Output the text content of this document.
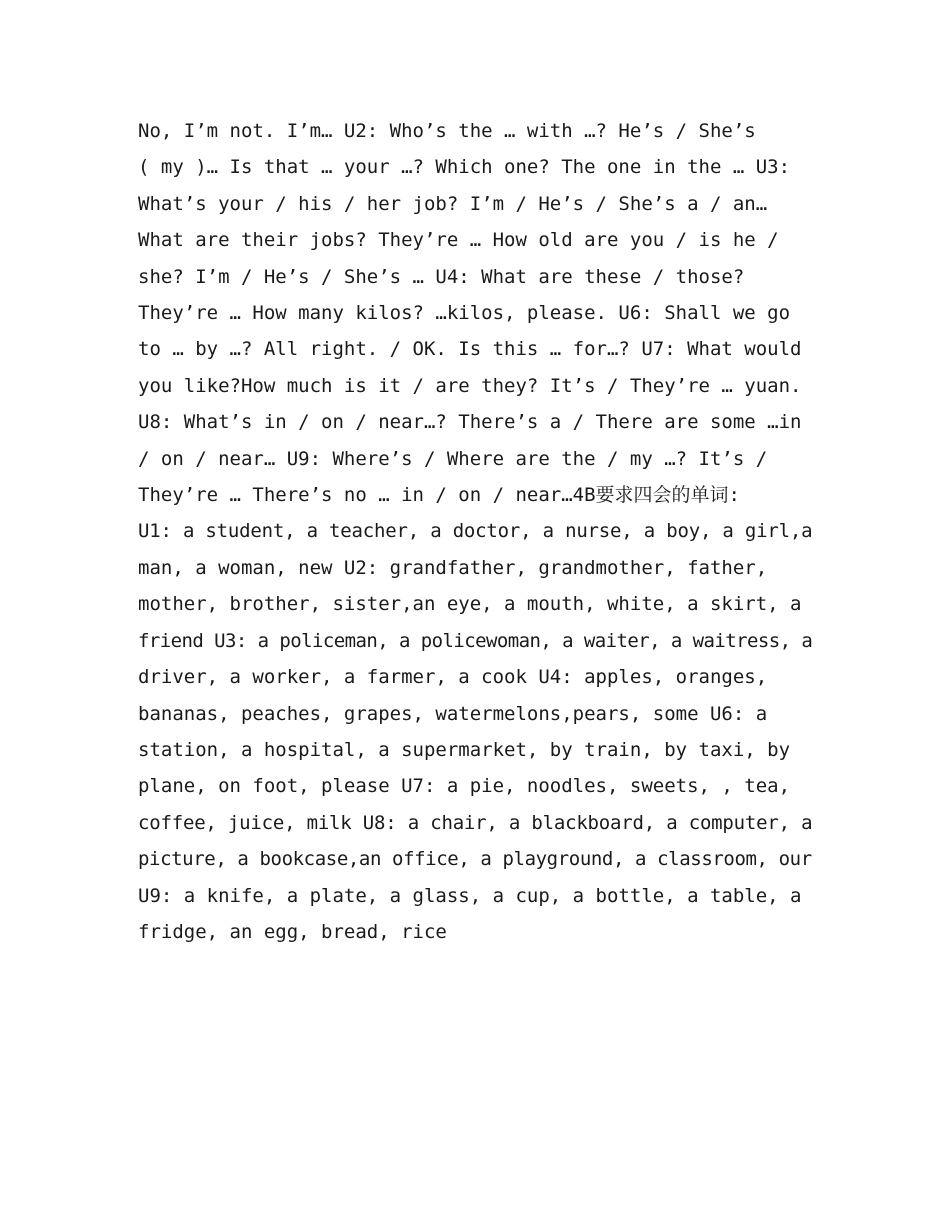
No, I’m not. I’m… U2: Who’s the … with …? He’s / She’s
( my )… Is that … your …? Which one? The one in the … U3:
What’s your / his / her job? I’m / He’s / She’s a / an…
What are their jobs? They’re … How old are you / is he /
she? I’m / He’s / She’s … U4: What are these / those?
They’re … How many kilos? …kilos, please. U6: Shall we go
to … by …? All right. / OK. Is this … for…? U7: What would
you like?How much is it / are they? It’s / They’re … yuan.
U8: What’s in / on / near…? There’s a / There are some …in
/ on / near… U9: Where’s / Where are the / my …? It’s /
They’re … There’s no … in / on / near…4B要求四会的单词:
U1: a student, a teacher, a doctor, a nurse, a boy, a girl,a
man, a woman, new U2: grandfather, grandmother, father,
mother, brother, sister,an eye, a mouth, white, a skirt, a
friend U3: a policeman, a policewoman, a waiter, a waitress, a
driver, a worker, a farmer, a cook U4: apples, oranges,
bananas, peaches, grapes, watermelons,pears, some U6: a
station, a hospital, a supermarket, by train, by taxi, by
plane, on foot, please U7: a pie, noodles, sweets, , tea,
coffee, juice, milk U8: a chair, a blackboard, a computer, a
picture, a bookcase,an office, a playground, a classroom, our
U9: a knife, a plate, a glass, a cup, a bottle, a table, a
fridge, an egg, bread, rice
